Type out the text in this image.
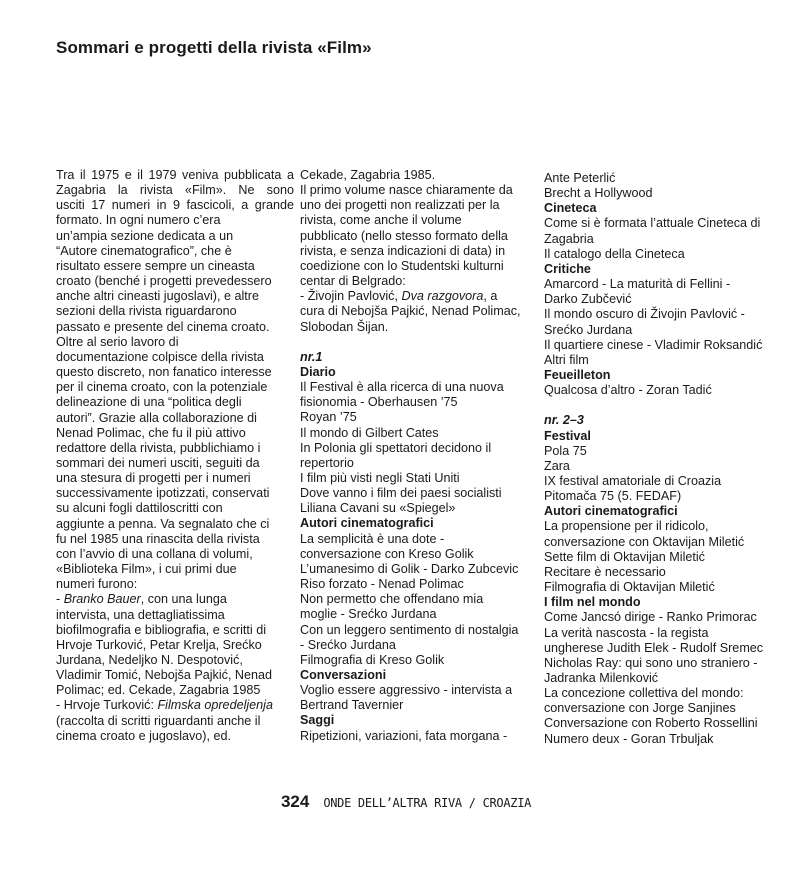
Sommari e progetti della rivista «Film»
Tra il 1975 e il 1979 veniva pubblicata a
Zagabria la rivista «Film». Ne sono
usciti 17 numeri in 9 fascicoli, a grande
formato. In ogni numero c’era
un’ampia sezione dedicata a un
“Autore cinematografico”, che è
risultato essere sempre un cineasta
croato (benché i progetti prevedessero
anche altri cineasti jugoslavi), e altre
sezioni della rivista riguardarono
passato e presente del cinema croato.
Oltre al serio lavoro di
documentazione colpisce della rivista
questo discreto, non fanatico interesse
per il cinema croato, con la potenziale
delineazione di una “politica degli
autori”. Grazie alla collaborazione di
Nenad Polimac, che fu il più attivo
redattore della rivista, pubblichiamo i
sommari dei numeri usciti, seguiti da
una stesura di progetti per i numeri
successivamente ipotizzati, conservati
su alcuni fogli dattiloscritti con
aggiunte a penna. Va segnalato che ci
fu nel 1985 una rinascita della rivista
con l’avvio di una collana di volumi,
«Biblioteka Film», i cui primi due
numeri furono:
- Branko Bauer, con una lunga
intervista, una dettagliatissima
biofilmografia e bibliografia, e scritti di
Hrvoje Turković, Petar Krelja, Srećko
Jurdana, Nedeljko N. Despotović,
Vladimir Tomić, Nebojša Pajkić, Nenad
Polimac; ed. Cekade, Zagabria 1985
- Hrvoje Turković: Filmska opredeljenja
(raccolta di scritti riguardanti anche il
cinema croato e jugoslavo), ed.
Cekade, Zagabria 1985.
Il primo volume nasce chiaramente da
uno dei progetti non realizzati per la
rivista, come anche il volume
pubblicato (nello stesso formato della
rivista, e senza indicazioni di data) in
coedizione con lo Studentski kulturni
centar di Belgrado:
- Živojin Pavlović, Dva razgovora, a
cura di Nebojša Pajkić, Nenad Polimac,
Slobodan Šijan.
nr.1
Diario
Il Festival è alla ricerca di una nuova
fisionomia - Oberhausen ’75
Royan ’75
Il mondo di Gilbert Cates
In Polonia gli spettatori decidono il
repertorio
I film più visti negli Stati Uniti
Dove vanno i film dei paesi socialisti
Liliana Cavani su «Spiegel»
Autori cinematografici
La semplicità è una dote -
conversazione con Kreso Golik
L’umanesimo di Golik - Darko Zubcevic
Riso forzato - Nenad Polimac
Non permetto che offendano mia
moglie - Srećko Jurdana
Con un leggero sentimento di nostalgia
- Srećko Jurdana
Filmografia di Kreso Golik
Conversazioni
Voglio essere aggressivo - intervista a
Bertrand Tavernier
Saggi
Ripetizioni, variazioni, fata morgana -
Ante Peterlić
Brecht a Hollywood
Cineteca
Come si è formata l’attuale Cineteca di
Zagabria
Il catalogo della Cineteca
Critiche
Amarcord - La maturità di Fellini -
Darko Zubčević
Il mondo oscuro di Živojin Pavlović -
Srećko Jurdana
Il quartiere cinese - Vladimir Roksandić
Altri film
Feueilleton
Qualcosa d’altro - Zoran Tadić
nr. 2–3
Festival
Pola 75
Zara
IX festival amatoriale di Croazia
Pitomača 75 (5. FEDAF)
Autori cinematografici
La propensione per il ridicolo,
conversazione con Oktavijan Miletić
Sette film di Oktavijan Miletić
Recitare è necessario
Filmografia di Oktavijan Miletić
I film nel mondo
Come Jancsó dirige - Ranko Primorac
La verità nascosta - la regista
ungherese Judith Elek - Rudolf Sremec
Nicholas Ray: qui sono uno straniero -
Jadranka Milenković
La concezione collettiva del mondo:
conversazione con Jorge Sanjines
Conversazione con Roberto Rossellini
Numero deux - Goran Trbuljak
324 ONDE DELL’ALTRA RIVA / CROAZIA
